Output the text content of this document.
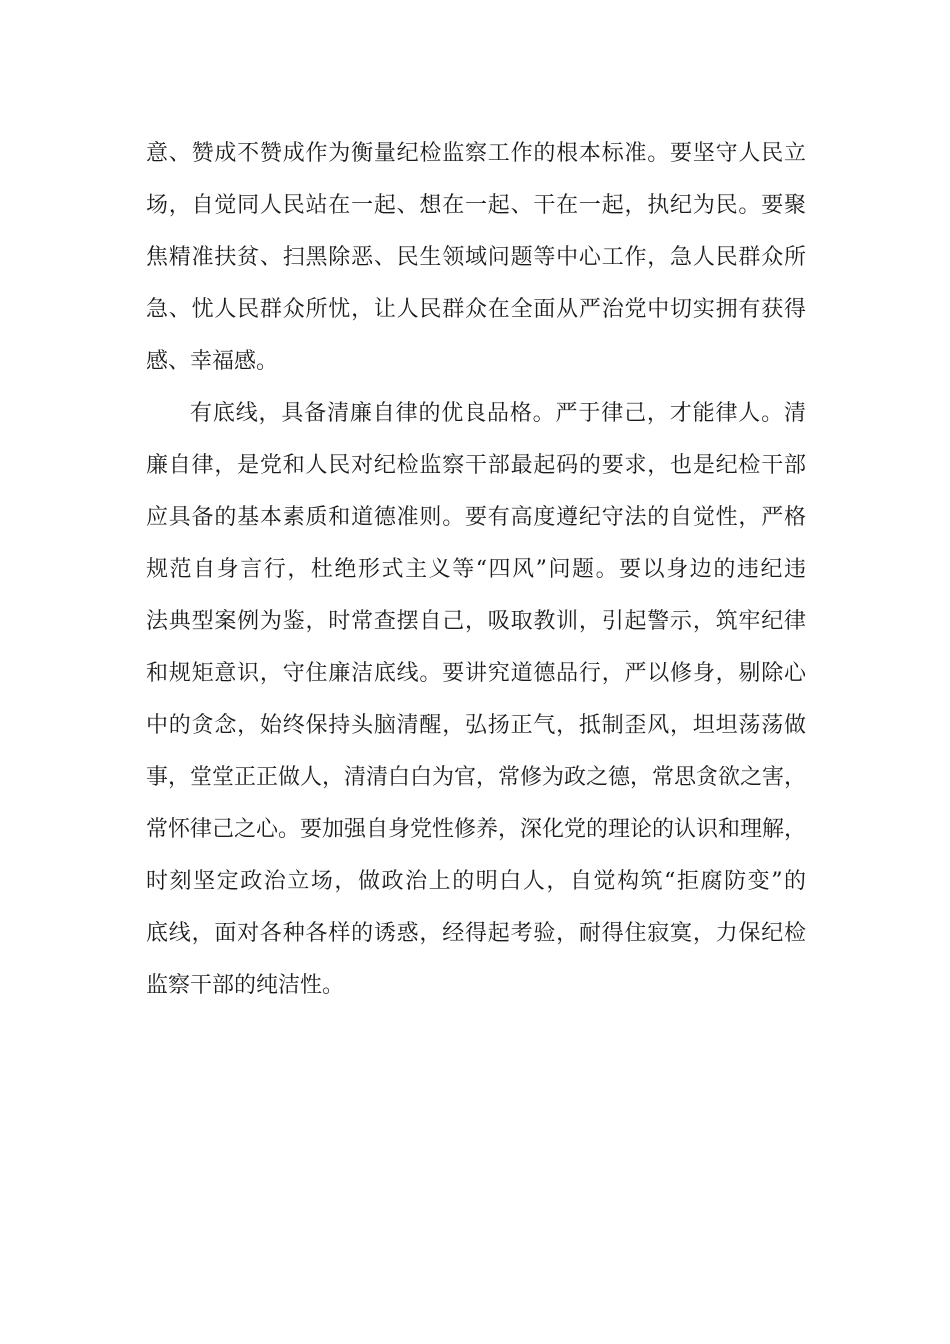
意、赞成不赞成作为衡量纪检监察工作的根本标准。要坚守人民立
场，自觉同人民站在一起、想在一起、干在一起，执纪为民。要聚
焦精准扶贫、扫黑除恶、民生领域问题等中心工作，急人民群众所
急、忧人民群众所忧，让人民群众在全面从严治党中切实拥有获得
感、幸福感。
有底线，具备清廉自律的优良品格。严于律己，才能律人。清
廉自律，是党和人民对纪检监察干部最起码的要求，也是纪检干部
应具备的基本素质和道德准则。要有高度遵纪守法的自觉性，严格
规范自身言行，杜绝形式主义等“四风”问题。要以身边的违纪违
法典型案例为鉴，时常查摆自己，吸取教训，引起警示，筑牢纪律
和规矩意识，守住廉洁底线。要讲究道德品行，严以修身，剔除心
中的贪念，始终保持头脑清醒，弘扬正气，抵制歪风，坦坦荡荡做
事，堂堂正正做人，清清白白为官，常修为政之德，常思贪欲之害，
常怀律己之心。要加强自身党性修养，深化党的理论的认识和理解，
时刻坚定政治立场，做政治上的明白人，自觉构筑“拒腐防变”的
底线，面对各种各样的诱惑，经得起考验，耐得住寂寞，力保纪检
监察干部的纯洁性。
